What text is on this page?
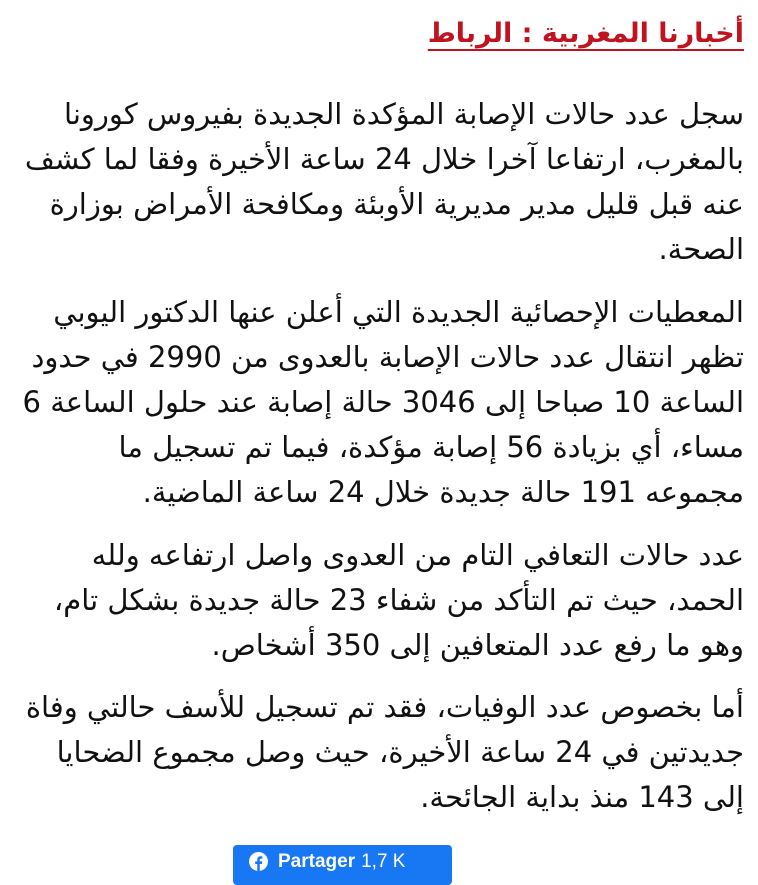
أخبارنا المغربية : الرباط

سجل عدد حالات الإصابة المؤكدة الجديدة بفيروس كورونا بالمغرب، ارتفاعا آخرا خلال 24 ساعة الأخيرة وفقا لما كشف عنه قبل قليل مدير مديرية الأوبئة ومكافحة الأمراض بوزارة الصحة.

المعطيات الإحصائية الجديدة التي أعلن عنها الدكتور اليوبي تظهر انتقال عدد حالات الإصابة بالعدوى من 2990 في حدود الساعة 10 صباحا إلى 3046 حالة إصابة عند حلول الساعة 6 مساء، أي بزيادة 56 إصابة مؤكدة، فيما تم تسجيل ما مجموعه 191 حالة جديدة خلال 24 ساعة الماضية.

عدد حالات التعافي التام من العدوى واصل ارتفاعه ولله الحمد، حيث تم التأكد من شفاء 23 حالة جديدة بشكل تام، وهو ما رفع عدد المتعافين إلى 350 أشخاص.

أما بخصوص عدد الوفيات، فقد تم تسجيل للأسف حالتي وفاة جديدتين في 24 ساعة الأخيرة، حيث وصل مجموع الضحايا إلى 143 منذ بداية الجائحة.

Partager 1,7 K
